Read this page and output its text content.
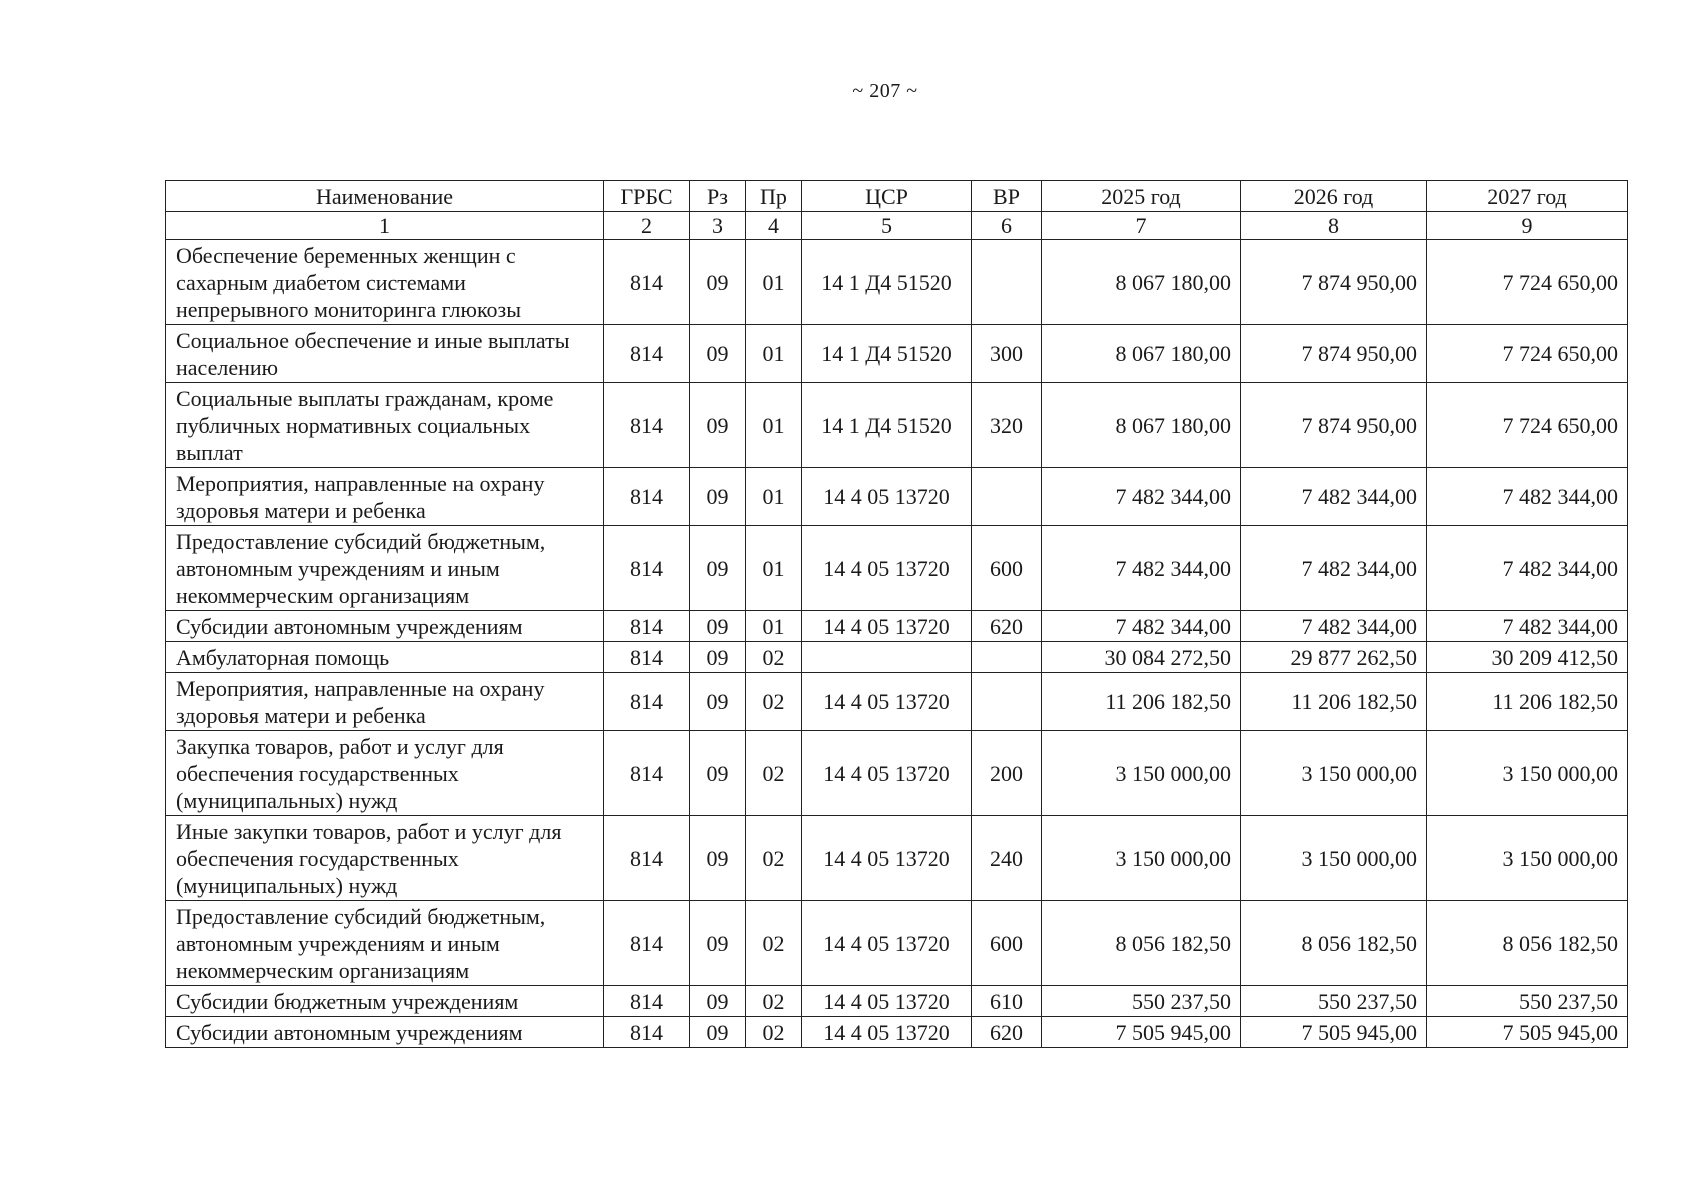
~ 207 ~
Наименование	ГРБС	Рз	Пр	ЦСР	ВР	2025 год	2026 год	2027 год
1	2	3	4	5	6	7	8	9
Обеспечение беременных женщин с сахарным диабетом системами непрерывного мониторинга глюкозы	814	09	01	14 1 Д4 51520		8 067 180,00	7 874 950,00	7 724 650,00
Социальное обеспечение и иные выплаты населению	814	09	01	14 1 Д4 51520	300	8 067 180,00	7 874 950,00	7 724 650,00
Социальные выплаты гражданам, кроме публичных нормативных социальных выплат	814	09	01	14 1 Д4 51520	320	8 067 180,00	7 874 950,00	7 724 650,00
Мероприятия, направленные на охрану здоровья матери и ребенка	814	09	01	14 4 05 13720		7 482 344,00	7 482 344,00	7 482 344,00
Предоставление субсидий бюджетным, автономным учреждениям и иным некоммерческим организациям	814	09	01	14 4 05 13720	600	7 482 344,00	7 482 344,00	7 482 344,00
Субсидии автономным учреждениям	814	09	01	14 4 05 13720	620	7 482 344,00	7 482 344,00	7 482 344,00
Амбулаторная помощь	814	09	02			30 084 272,50	29 877 262,50	30 209 412,50
Мероприятия, направленные на охрану здоровья матери и ребенка	814	09	02	14 4 05 13720		11 206 182,50	11 206 182,50	11 206 182,50
Закупка товаров, работ и услуг для обеспечения государственных (муниципальных) нужд	814	09	02	14 4 05 13720	200	3 150 000,00	3 150 000,00	3 150 000,00
Иные закупки товаров, работ и услуг для обеспечения государственных (муниципальных) нужд	814	09	02	14 4 05 13720	240	3 150 000,00	3 150 000,00	3 150 000,00
Предоставление субсидий бюджетным, автономным учреждениям и иным некоммерческим организациям	814	09	02	14 4 05 13720	600	8 056 182,50	8 056 182,50	8 056 182,50
Субсидии бюджетным учреждениям	814	09	02	14 4 05 13720	610	550 237,50	550 237,50	550 237,50
Субсидии автономным учреждениям	814	09	02	14 4 05 13720	620	7 505 945,00	7 505 945,00	7 505 945,00
